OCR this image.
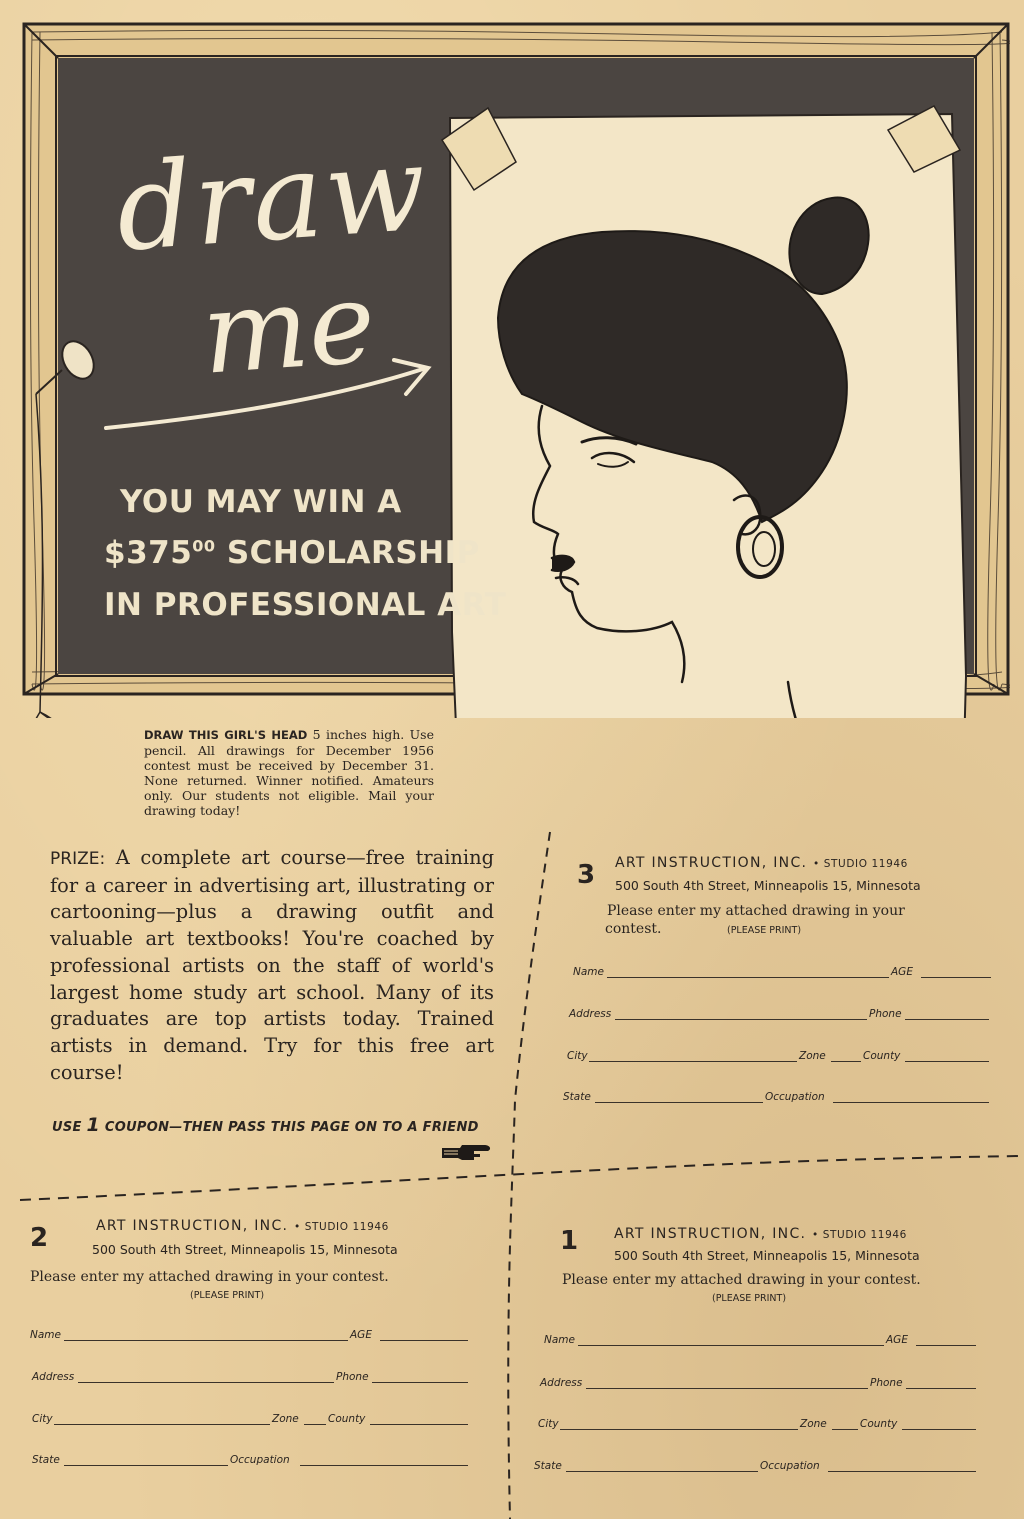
draw
me
YOU MAY WIN A
$\$375^{00}$ SCHOLARSHIP
IN PROFESSIONAL ART
DRAW THIS GIRL'S HEAD 5 inches high. Use pencil. All drawings for December 1956 contest must be received by December 31. None returned. Winner notified. Amateurs only. Our students not eligible. Mail your drawing today!
PRIZE: A complete art course—free training for a career in advertising art, illustrating or cartooning—plus a drawing outfit and valuable art textbooks! You're coached by professional artists on the staff of world's largest home study art school. Many of its graduates are top artists today. Trained artists in demand. Try for this free art course!
USE 1 COUPON—THEN PASS THIS PAGE ON TO A FRIEND
3 ART INSTRUCTION, INC. • STUDIO 11946
500 South 4th Street, Minneapolis 15, Minnesota
Please enter my attached drawing in your
contest.	(PLEASE PRINT)
Name	AGE
Address	Phone
City	Zone	County
State	Occupation
2	ART INSTRUCTION, INC. • STUDIO 11946
500 South 4th Street, Minneapolis 15, Minnesota
Please enter my attached drawing in your contest.
(PLEASE PRINT)
Name	AGE
Address	Phone
City	Zone	County
State	Occupation
1	ART INSTRUCTION, INC. • STUDIO 11946
500 South 4th Street, Minneapolis 15, Minnesota
Please enter my attached drawing in your contest.
(PLEASE PRINT)
Name	AGE
Address	Phone
City	Zone	County
State	Occupation
